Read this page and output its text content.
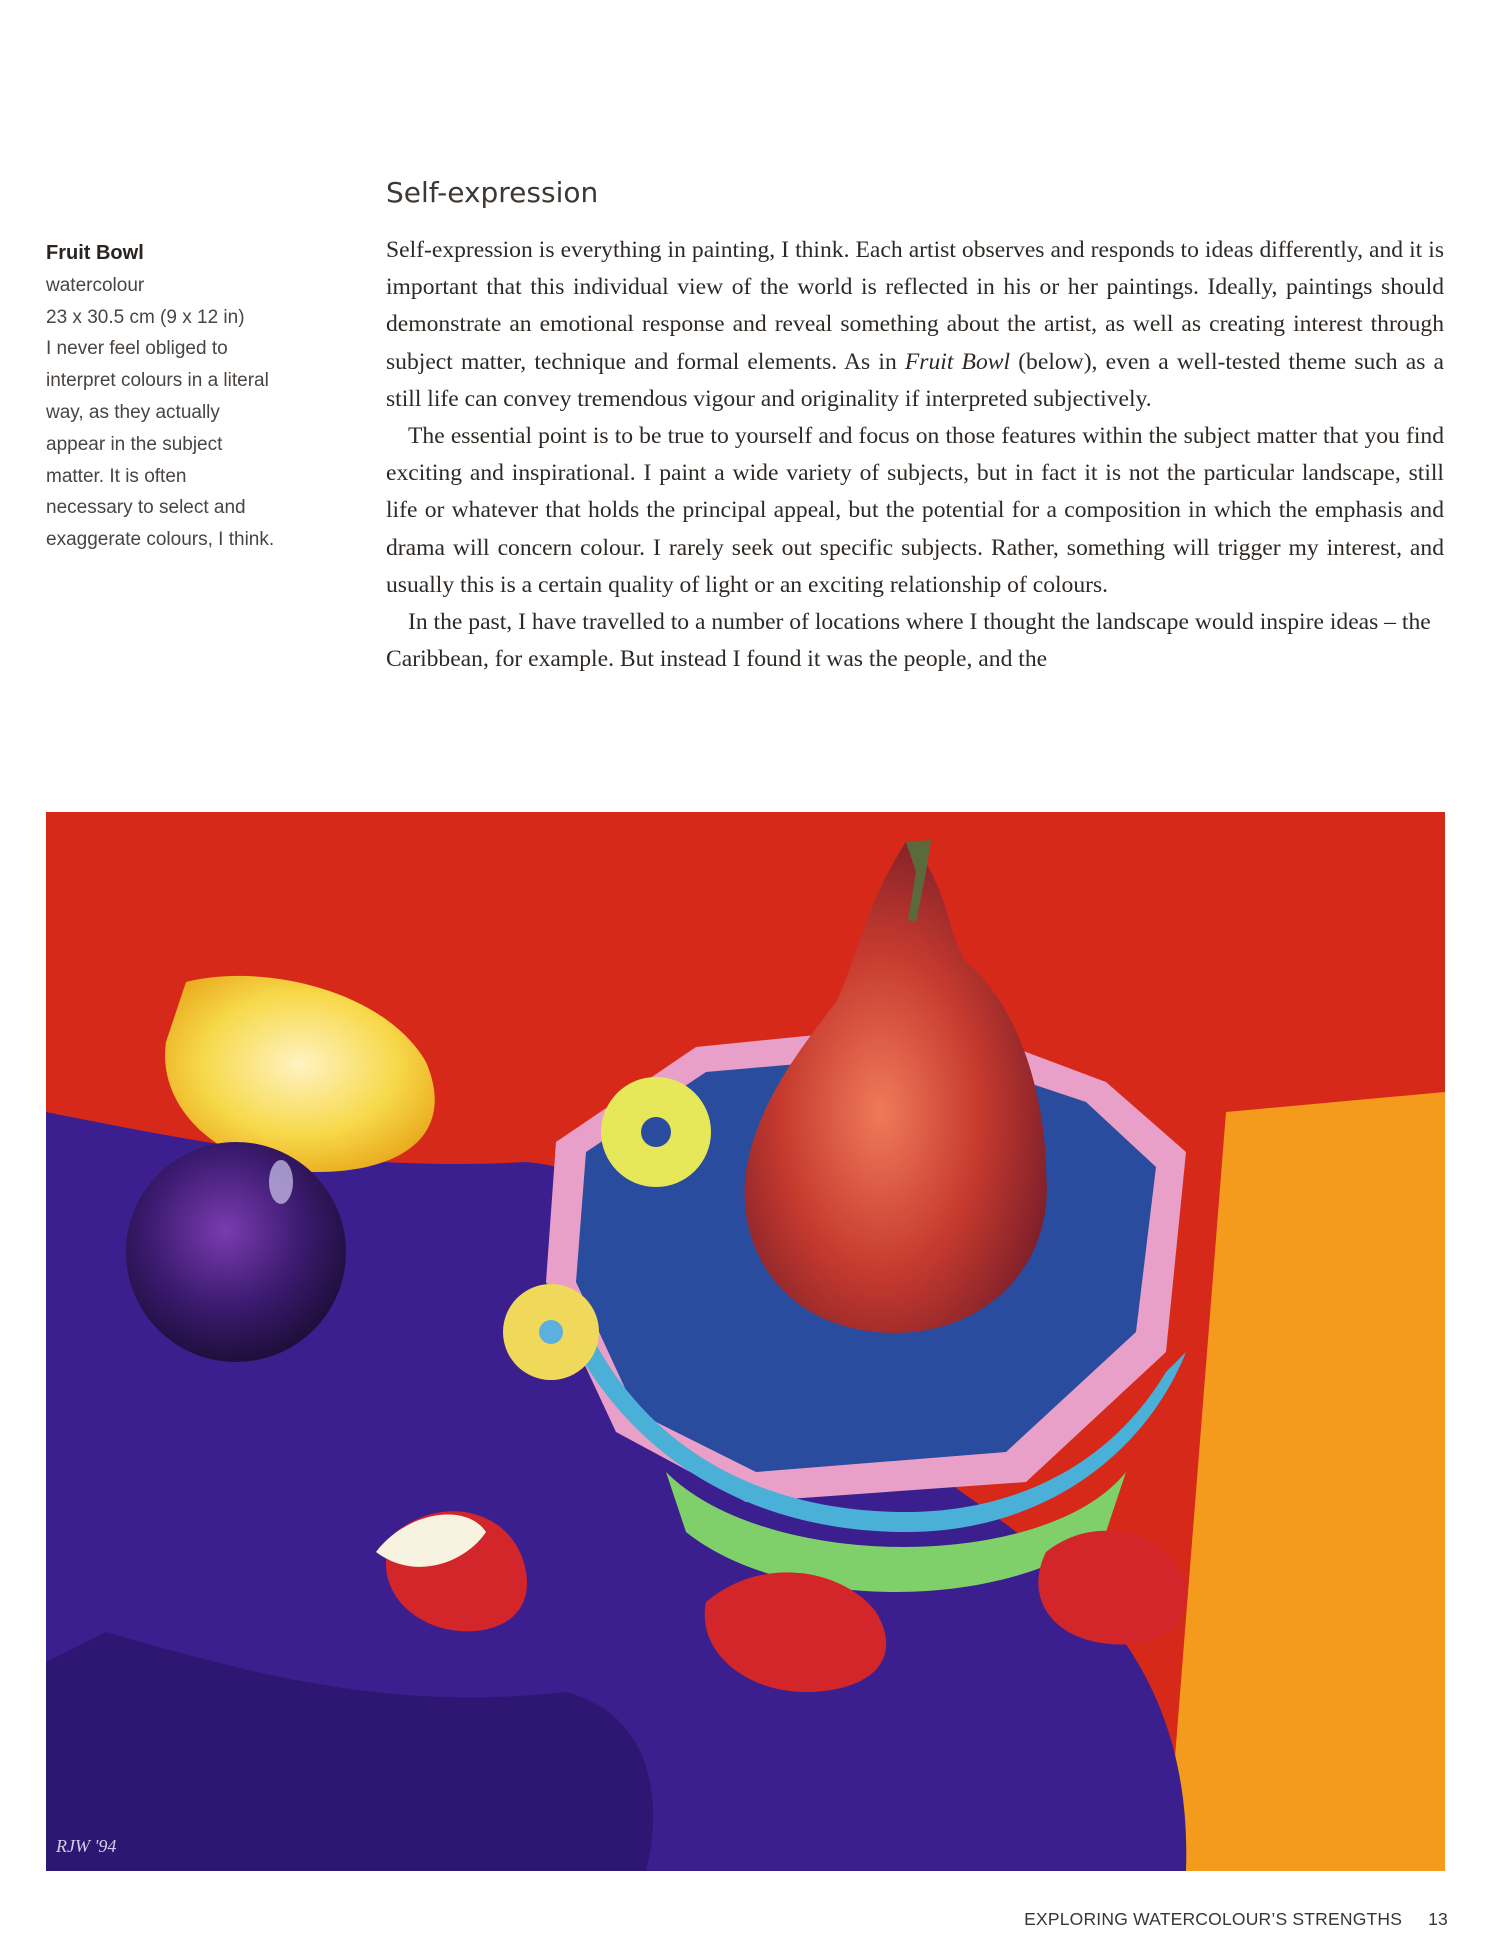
Fruit Bowl
watercolour
23 x 30.5 cm (9 x 12 in)
I never feel obliged to
interpret colours in a literal
way, as they actually
appear in the subject
matter. It is often
necessary to select and
exaggerate colours, I think.
Self-expression

Self-expression is everything in painting, I think. Each artist observes and responds to ideas differently, and it is important that this individual view of the world is reflected in his or her paintings. Ideally, paintings should demonstrate an emotional response and reveal something about the artist, as well as creating interest through subject matter, technique and formal elements. As in Fruit Bowl (below), even a well-tested theme such as a still life can convey tremendous vigour and originality if interpreted subjectively.

The essential point is to be true to yourself and focus on those features within the subject matter that you find exciting and inspirational. I paint a wide variety of subjects, but in fact it is not the particular landscape, still life or whatever that holds the principal appeal, but the potential for a composition in which the emphasis and drama will concern colour. I rarely seek out specific subjects. Rather, something will trigger my interest, and usually this is a certain quality of light or an exciting relationship of colours.

In the past, I have travelled to a number of locations where I thought the landscape would inspire ideas – the Caribbean, for example. But instead I found it was the people, and the

RJW '94
EXPLORING WATERCOLOUR’S STRENGTHS 13
